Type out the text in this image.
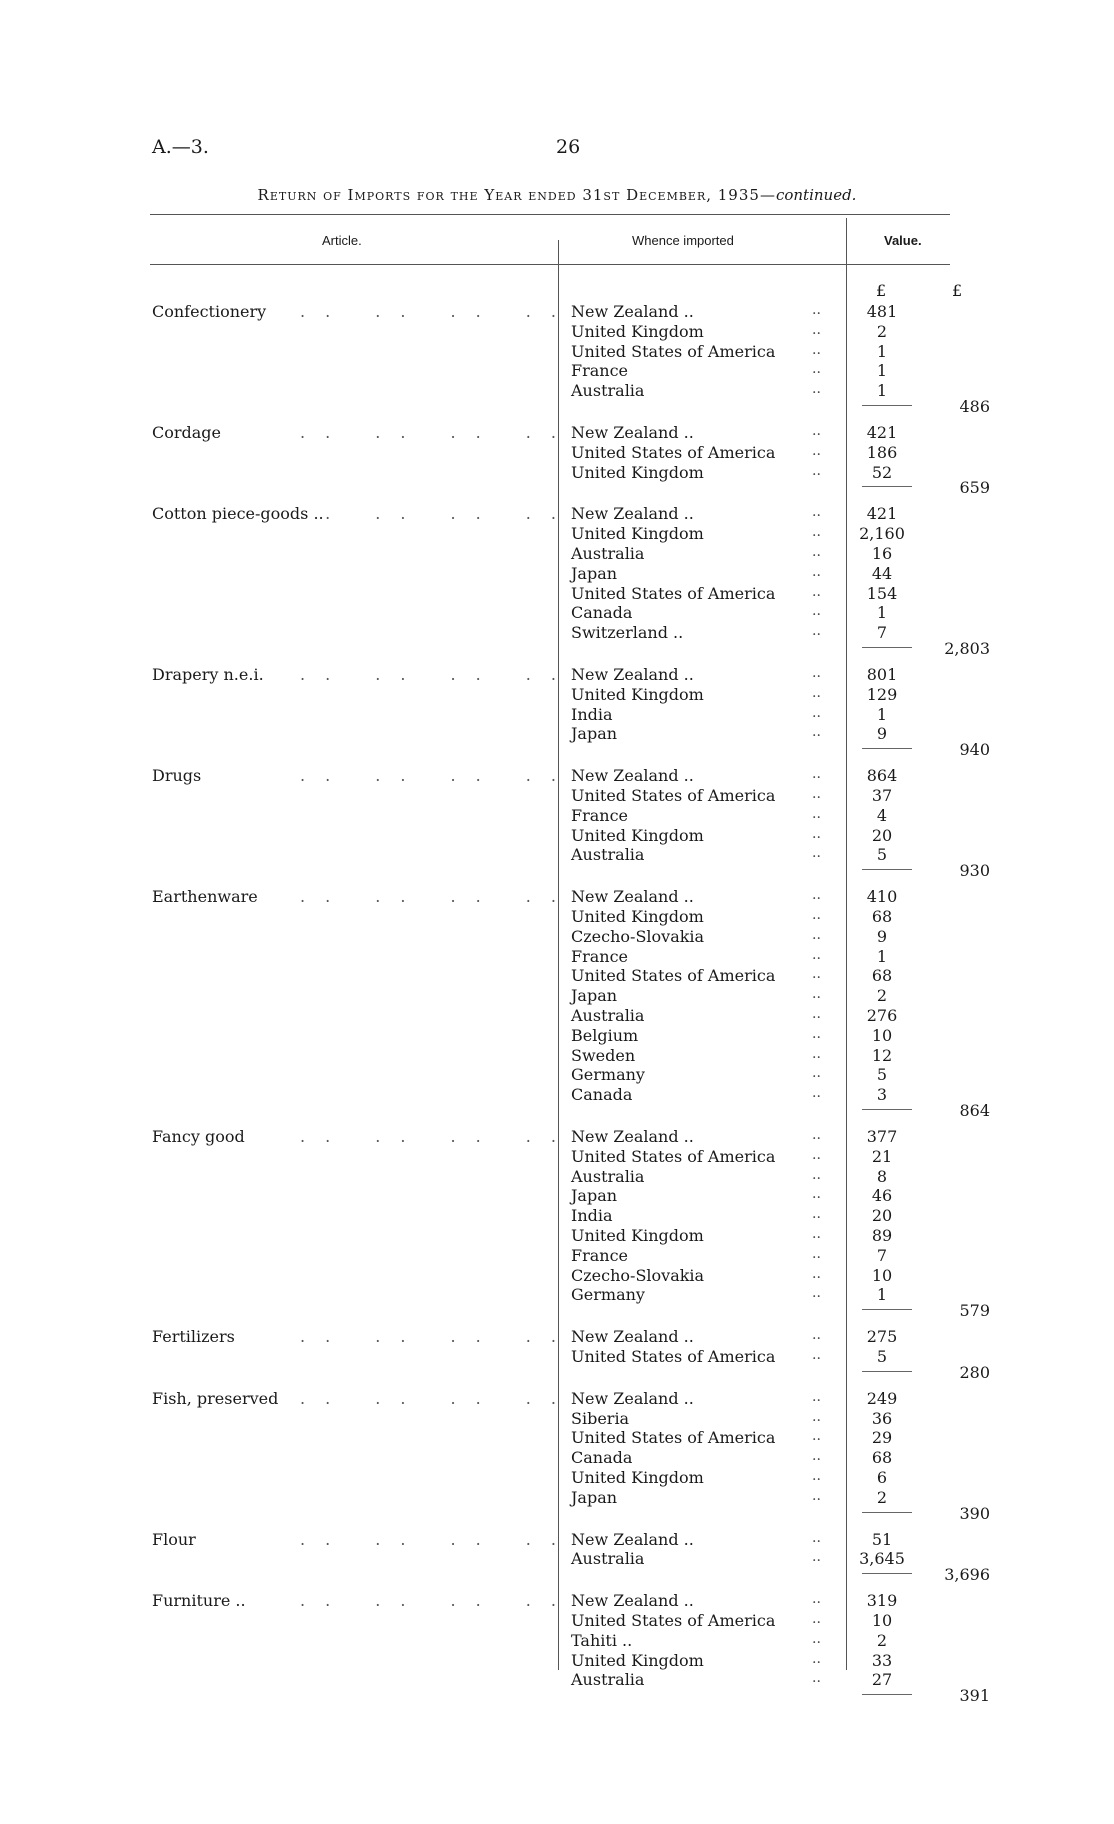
A.—3.	26
Return of Imports for the Year ended 31st December, 1935—continued.
Article.	Whence imported	Value.
£	£
Confectionery .. .. .. ..
New Zealand ..	..	481
United Kingdom	..	2
United States of America	..	1
France	..	1
Australia	..	1
486
Cordage	.. .. .. ..
New Zealand ..	..	421
United States of America	..	186
United Kingdom	..	52
659
Cotton piece-goods ..
.. .. .. ..
New Zealand ..	..	421
United Kingdom	..	2,160
Australia	..	16
Japan	..	44
United States of America	..	154
Canada	..	1
Switzerland ..	..	7
2,803
Drapery n.e.i. .. .. .. ..
New Zealand ..	..	801
United Kingdom	..	129
India	..	1
Japan	..	9
940
Drugs	.. .. .. ..
New Zealand ..	..	864
United States of America	..	37
France	..	4
United Kingdom	..	20
Australia	..	5
930
Earthenware	.. .. .. ..
New Zealand ..	..	410
United Kingdom	..	68
Czecho-Slovakia	..	9
France	..	1
United States of America	..	68
Japan	..	2
Australia	..	276
Belgium	..	10
Sweden	..	12
Germany	..	5
Canada	..	3
864
Fancy good	.. .. .. ..
New Zealand ..	..	377
United States of America	..	21
Australia	..	8
Japan	..	46
India	..	20
United Kingdom	..	89
France	..	7
Czecho-Slovakia	..	10
Germany	..	1
579
Fertilizers	.. .. .. ..
New Zealand ..	..	275
United States of America	..	5
280
Fish, preserved .. .. .. ..
New Zealand ..	..	249
Siberia	..	36
United States of America	..	29
Canada	..	68
United Kingdom	..	6
Japan	..	2
390
Flour	.. .. .. ..
New Zealand ..	..	51
Australia	..	3,645
3,696
Furniture ..	.. .. .. ..
New Zealand ..	..	319
United States of America	..	10
Tahiti ..	..	2
United Kingdom	..	33
Australia	..	27
391
